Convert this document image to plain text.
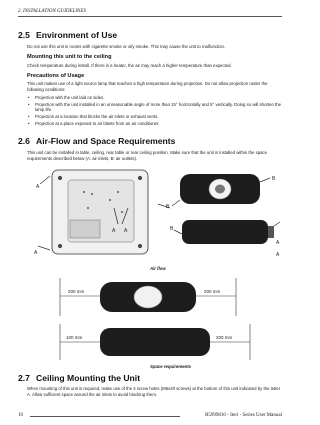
2. INSTALLATION GUIDELINES
2.5 Environment of Use
Do not use this unit in rooms with cigarette smoke or oily smoke. This may cause the unit to malfunction.
Mounting this unit to the ceiling
Check temperature during install. If there is a heater, the air may reach a higher temperature than expected.
Precautions of Usage
This unit makes use of a light source lamp that reaches a high temperature during projection. Do not allow projection under the following conditions:
• Projection with the unit laid on sides.
• Projection with the unit installed in an unreasonable angle of more than 15° horizontally and 5° vertically. Doing so will shorten the lamp life.
• Projection at a location that blocks the air inlets or exhaust vents.
• Projection at a place exposed to air blasts from an air conditioner.
2.6 Air-Flow and Space Requirements
This unit can be installed in table, ceiling, rear table or rear ceiling position. Make sure that the unit is installed within the space requirements described below (A: air inlets, B: air outlets).
A
A
A A
B
B
B
A
A
Air flow
200 mm	200 mm
100 mm	200 mm
Space requirements
2.7 Ceiling Mounting the Unit
When mounting of this unit is required, make use of the 4 screw holes (M5x20 screws) at the bottom of this unit indicated by the letter A. Allow sufficient space around the air inlets to avoid blocking them.
10	R5999810 - Iteri - Series User Manual
